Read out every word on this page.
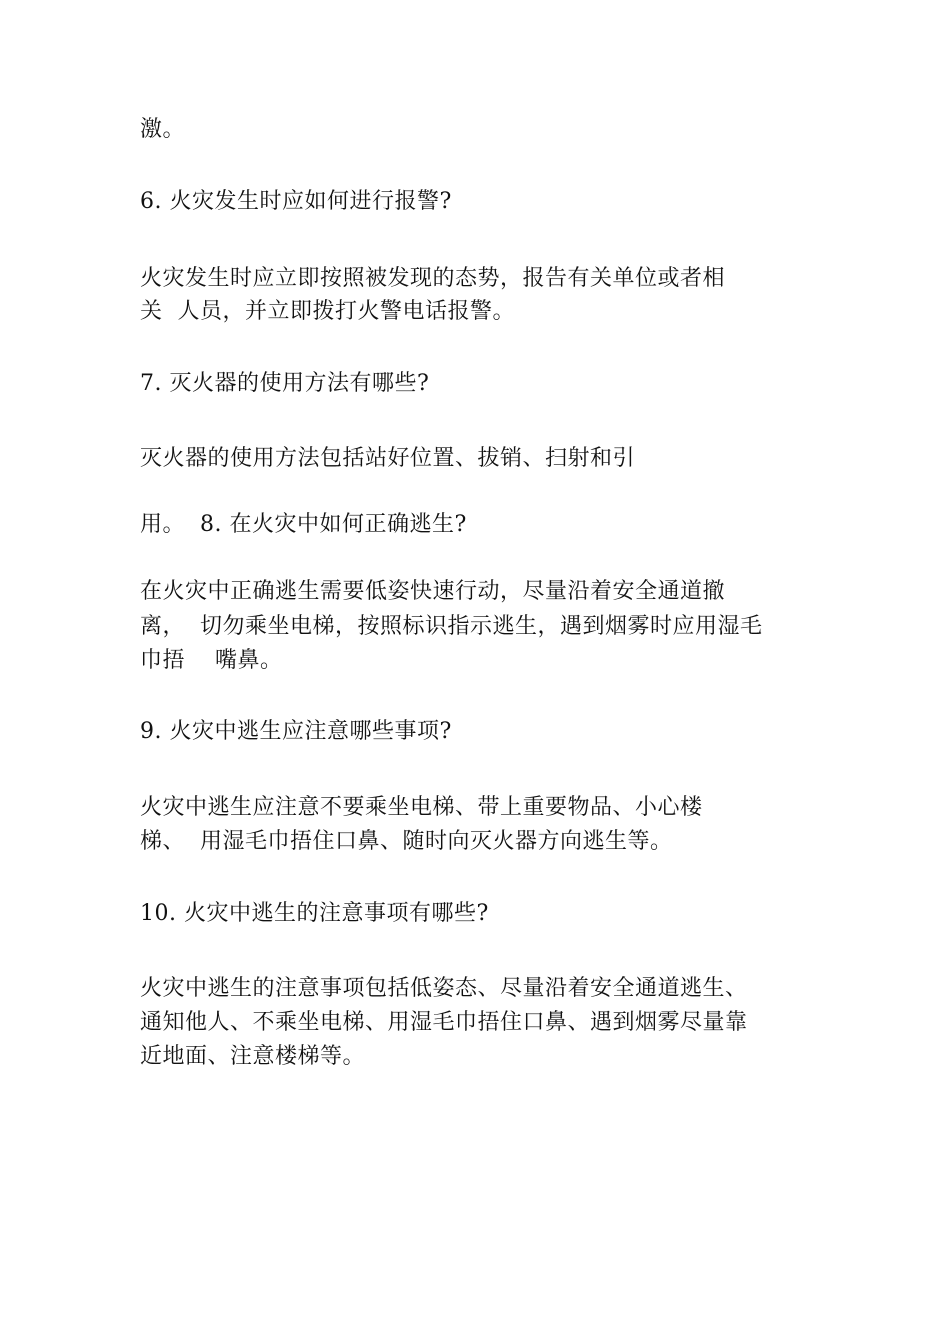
激。
6. 火灾发生时应如何进行报警?
火灾发生时应立即按照被发现的态势，报告有关单位或者相
关  人员，并立即拨打火警电话报警。
7. 灭火器的使用方法有哪些?
灭火器的使用方法包括站好位置、拔销、扫射和引
用。  8. 在火灾中如何正确逃生?
在火灾中正确逃生需要低姿快速行动，尽量沿着安全通道撤
离，  切勿乘坐电梯，按照标识指示逃生，遇到烟雾时应用湿毛
巾捂    嘴鼻。
9. 火灾中逃生应注意哪些事项?
火灾中逃生应注意不要乘坐电梯、带上重要物品、小心楼
梯、  用湿毛巾捂住口鼻、随时向灭火器方向逃生等。
10. 火灾中逃生的注意事项有哪些?
火灾中逃生的注意事项包括低姿态、尽量沿着安全通道逃生、
通知他人、不乘坐电梯、用湿毛巾捂住口鼻、遇到烟雾尽量靠
近地面、注意楼梯等。
